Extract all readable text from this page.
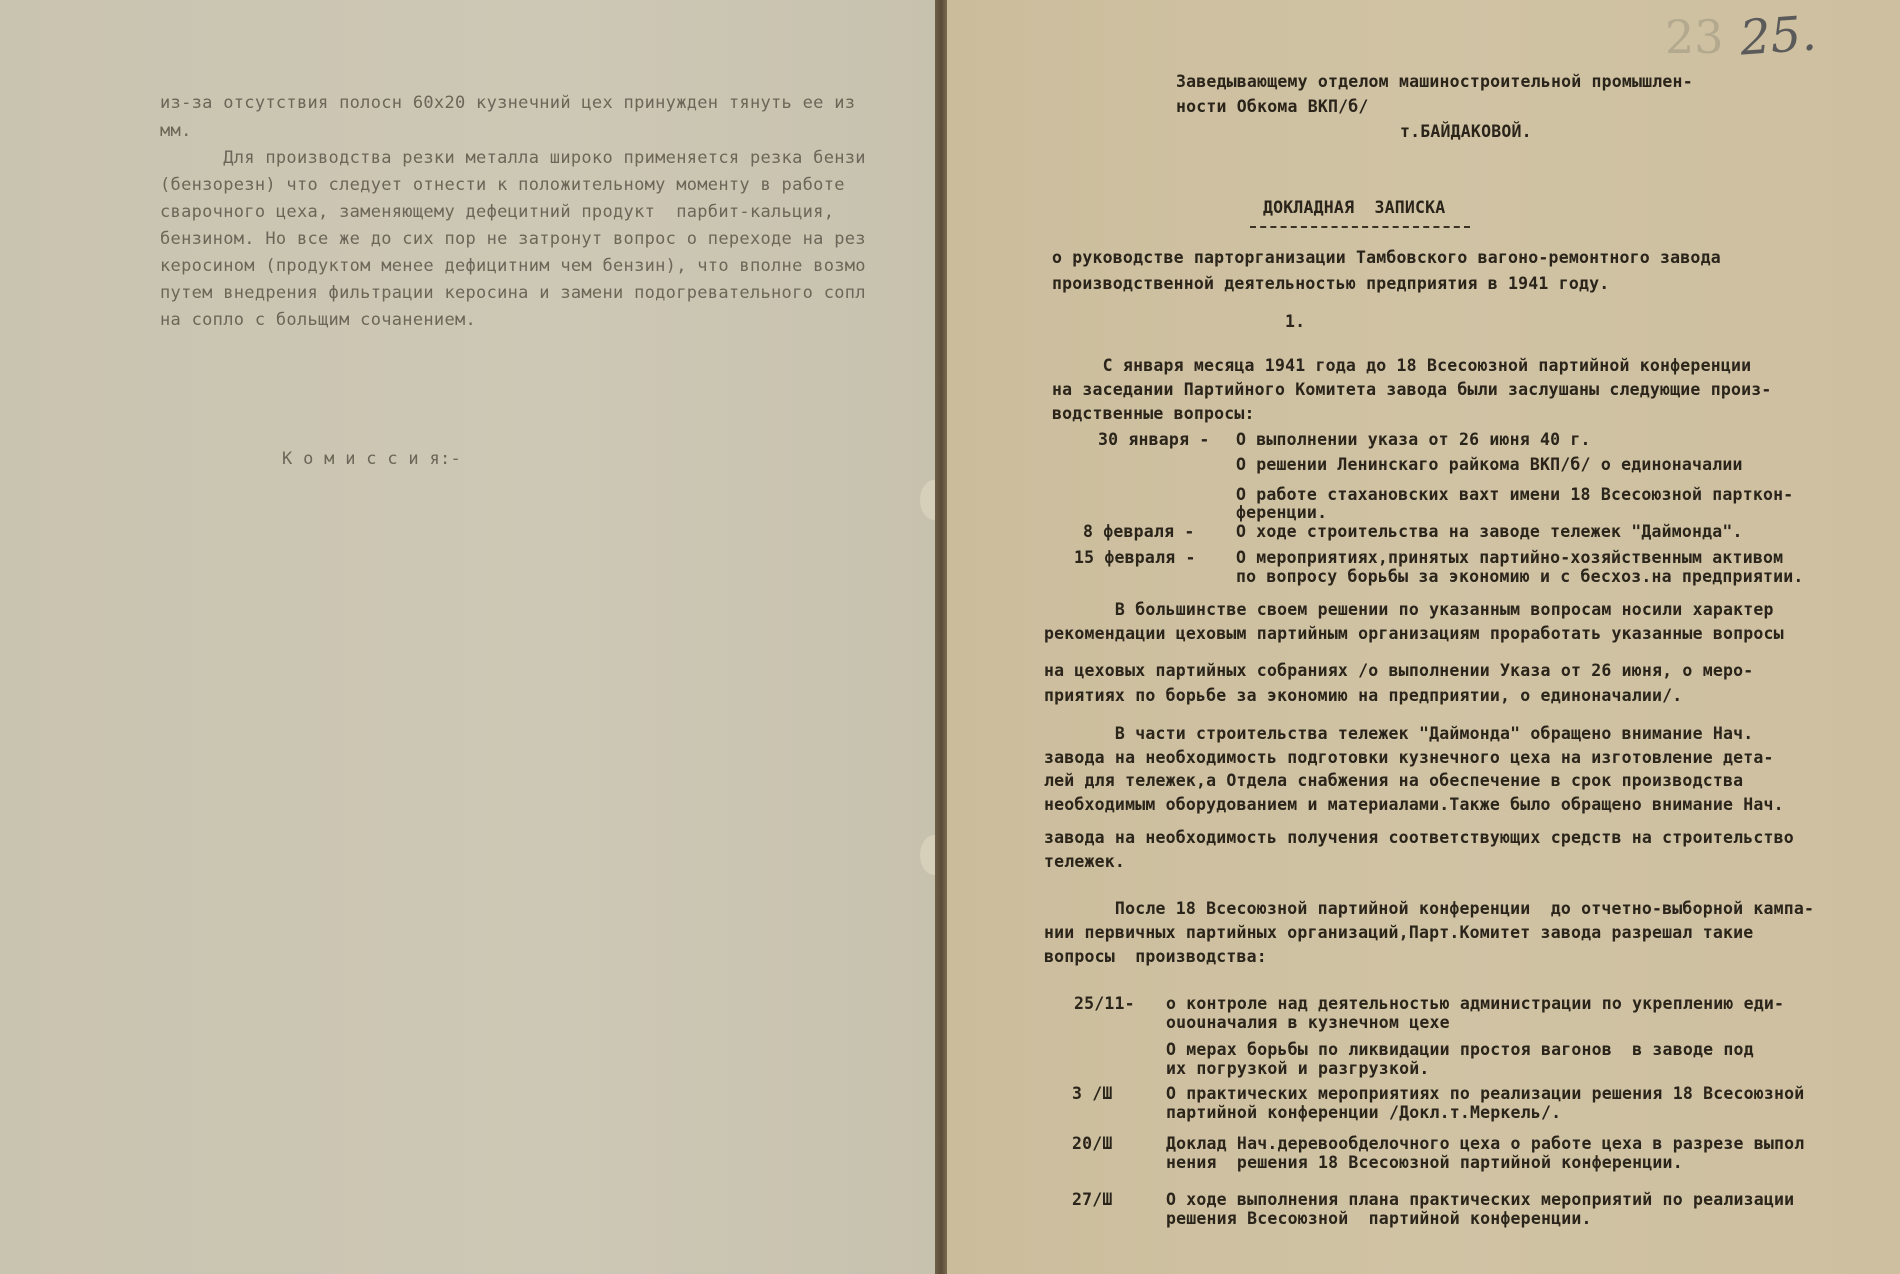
из-за отсутствия полосн 60х20 кузнечний цех принужден тянуть ее из
мм.
Для производства резки металла широко применяется резка бензи
(бензорезн) что следует отнести к положительному моменту в работе
сварочного цеха, заменяющему дефецитний продукт  парбит-кальция,
бензином. Но все же до сих пор не затронут вопрос о переходе на рез
керосином (продуктом менее дефицитним чем бензин), что вполне возмо
путем внедрения фильтрации керосина и замени подогревательного сопл
на сопло с больщим сочанением.
К о м и с с и я:-
23 25.
Заведывающему отделом машиностроительной промышлен-
ности Обкома ВКП/б/
т.БАЙДАКОВОЙ.
ДОКЛАДНАЯ  ЗАПИСКА
о руководстве парторганизации Тамбовского вагоно-ремонтного завода
производственной деятельностью предприятия в 1941 году.
1.
С января месяца 1941 года до 18 Всесоюзной партийной конференции
на заседании Партийного Комитета завода были заслушаны следующие произ-
водственные вопросы:
30 января - О выполнении указа от 26 июня 40 г.
О решении Ленинскаго райкома ВКП/б/ о единоначалии
О работе стахановских вахт имени 18 Всесоюзной парткон-
ференции.
8 февраля -	О ходе строительства на заводе тележек "Даймонда".
15 февраля - О мероприятиях,принятых партийно-хозяйственным активом
по вопросу борьбы за экономию и с бесхоз.на предприятии.
В большинстве своем решении по указанным вопросам носили характер
рекомендации цеховым партийным организациям проработать указанные вопросы
на цеховых партийных собраниях /о выполнении Указа от 26 июня, о меро-
приятиях по борьбе за экономию на предприятии, о единоначалии/.
В части строительства тележек "Даймонда" обращено внимание Нач.
завода на необходимость подготовки кузнечного цеха на изготовление дета-
лей для тележек,а Отдела снабжения на обеспечение в срок производства
необходимым оборудованием и материалами.Также было обращено внимание Нач.
завода на необходимость получения соответствующих средств на строительство
тележек.
После 18 Всесоюзной партийной конференции  до отчетно-выборной кампа-
нии первичных партийных организаций,Парт.Комитет завода разрешал такие
вопросы  производства:
25/11- о контроле над деятельностью администрации по укреплению еди-
ououначалия в кузнечном цехе
О мерах борьбы по ликвидации простоя вагонов  в заводе под
их погрузкой и разгрузкой.
3 /Ш	О практических мероприятиях по реализации решения 18 Всесоюзной
партийной конференции /Докл.т.Меркель/.
20/Ш	Доклад Нач.деревообделочного цеха о работе цеха в разрезе выпол
нения  решения 18 Всесоюзной партийной конференции.
27/Ш	О ходе выполнения плана практических мероприятий по реализации
решения Всесоюзной  партийной конференции.
